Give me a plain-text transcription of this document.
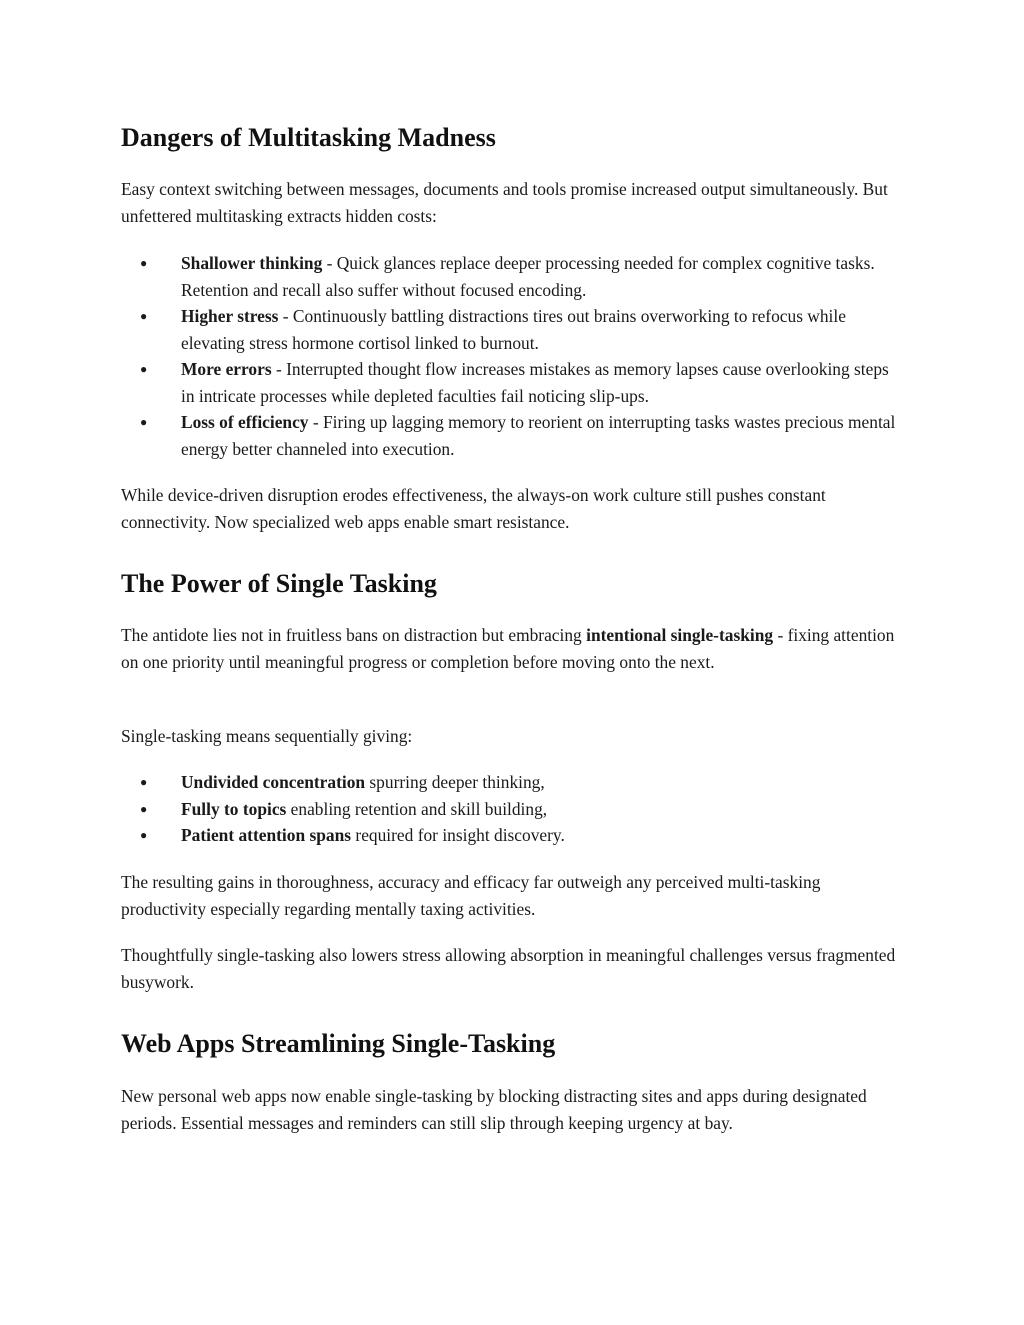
Dangers of Multitasking Madness

Easy context switching between messages, documents and tools promise increased output simultaneously. But unfettered multitasking extracts hidden costs:

● Shallower thinking - Quick glances replace deeper processing needed for complex cognitive tasks. Retention and recall also suffer without focused encoding.
● Higher stress - Continuously battling distractions tires out brains overworking to refocus while elevating stress hormone cortisol linked to burnout.
● More errors - Interrupted thought flow increases mistakes as memory lapses cause overlooking steps in intricate processes while depleted faculties fail noticing slip-ups.
● Loss of efficiency - Firing up lagging memory to reorient on interrupting tasks wastes precious mental energy better channeled into execution.

While device-driven disruption erodes effectiveness, the always-on work culture still pushes constant connectivity. Now specialized web apps enable smart resistance.

The Power of Single Tasking

The antidote lies not in fruitless bans on distraction but embracing intentional single-tasking - fixing attention on one priority until meaningful progress or completion before moving onto the next.

Single-tasking means sequentially giving:

● Undivided concentration spurring deeper thinking,
● Fully to topics enabling retention and skill building,
● Patient attention spans required for insight discovery.

The resulting gains in thoroughness, accuracy and efficacy far outweigh any perceived multi-tasking productivity especially regarding mentally taxing activities.

Thoughtfully single-tasking also lowers stress allowing absorption in meaningful challenges versus fragmented busywork.

Web Apps Streamlining Single-Tasking

New personal web apps now enable single-tasking by blocking distracting sites and apps during designated periods. Essential messages and reminders can still slip through keeping urgency at bay.
